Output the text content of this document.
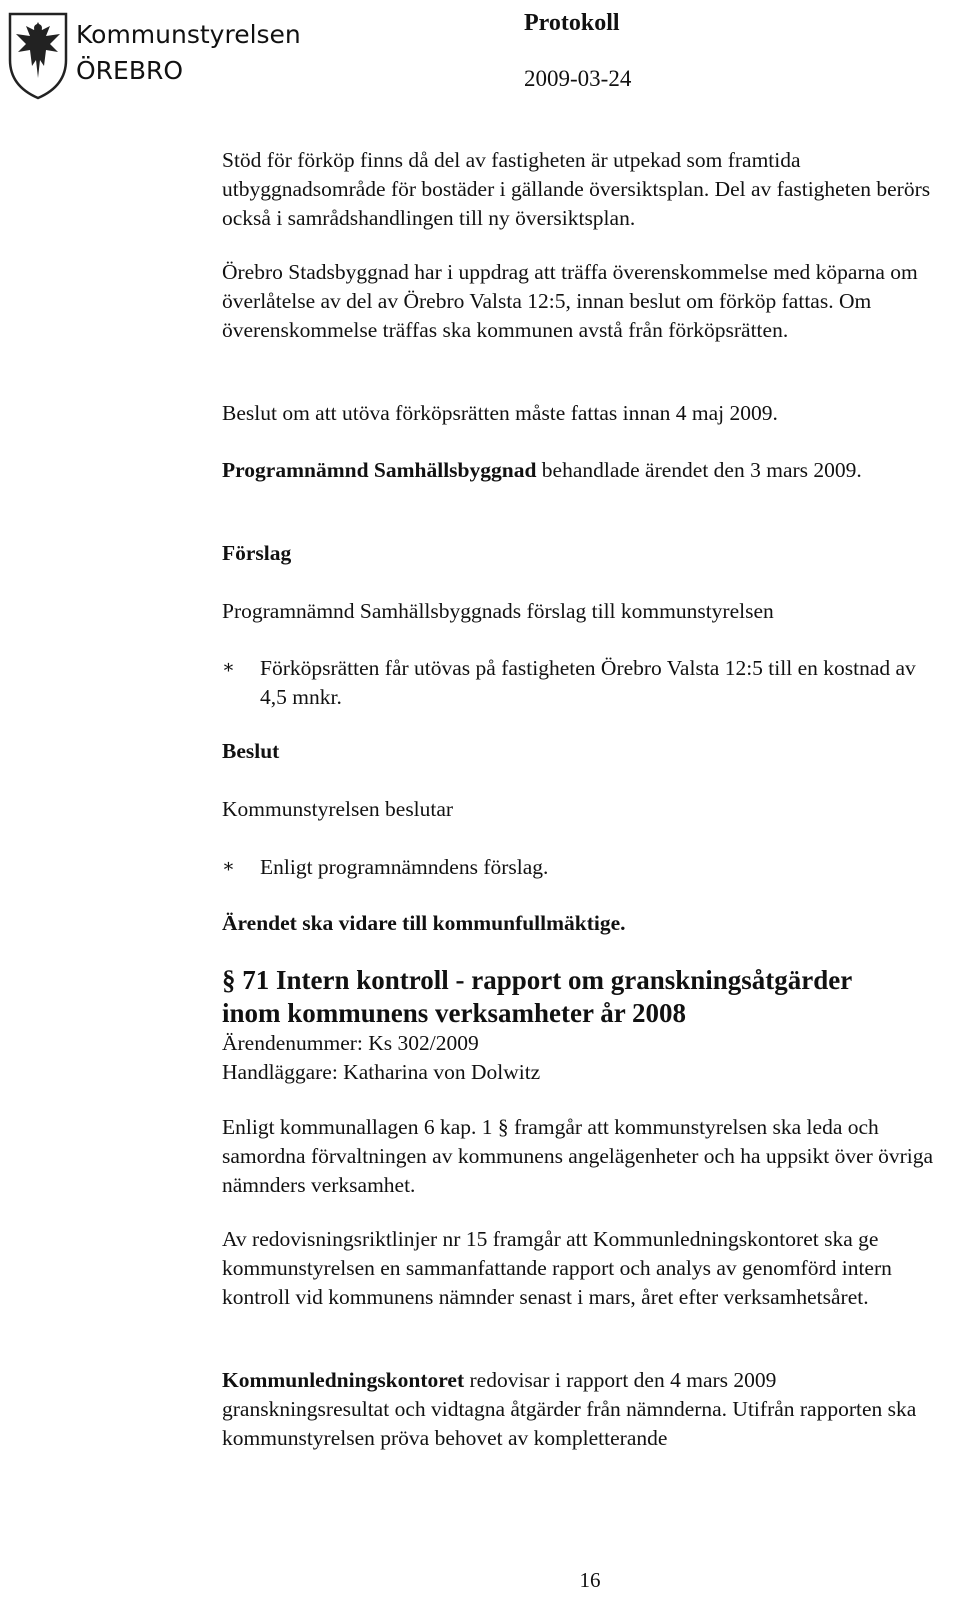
Kommunstyrelsen
ÖREBRO
Protokoll
2009-03-24

Stöd för förköp finns då del av fastigheten är utpekad som framtida utbyggnadsområde för bostäder i gällande översiktsplan. Del av fastigheten berörs också i samrådshandlingen till ny översiktsplan.

Örebro Stadsbyggnad har i uppdrag att träffa överenskommelse med köparna om överlåtelse av del av Örebro Valsta 12:5, innan beslut om förköp fattas. Om överenskommelse träffas ska kommunen avstå från förköpsrätten.

Beslut om att utöva förköpsrätten måste fattas innan 4 maj 2009.

Programnämnd Samhällsbyggnad behandlade ärendet den 3 mars 2009.

Förslag

Programnämnd Samhällsbyggnads förslag till kommunstyrelsen

∗ Förköpsrätten får utövas på fastigheten Örebro Valsta 12:5 till en kostnad av 4,5 mnkr.
Beslut

Kommunstyrelsen beslutar

∗ Enligt programnämndens förslag.

Ärendet ska vidare till kommunfullmäktige.

§ 71 Intern kontroll - rapport om granskningsåtgärder
inom kommunens verksamheter år 2008

Ärendenummer: Ks 302/2009

Handläggare: Katharina von Dolwitz

Enligt kommunallagen 6 kap. 1 § framgår att kommunstyrelsen ska leda och samordna förvaltningen av kommunens angelägenheter och ha uppsikt över övriga nämnders verksamhet.

Av redovisningsriktlinjer nr 15 framgår att Kommunledningskontoret ska ge kommunstyrelsen en sammanfattande rapport och analys av genomförd intern kontroll vid kommunens nämnder senast i mars, året efter verksamhetsåret.

Kommunledningskontoret redovisar i rapport den 4 mars 2009 granskningsresultat och vidtagna åtgärder från nämnderna. Utifrån rapporten ska kommunstyrelsen pröva behovet av kompletterande

16
